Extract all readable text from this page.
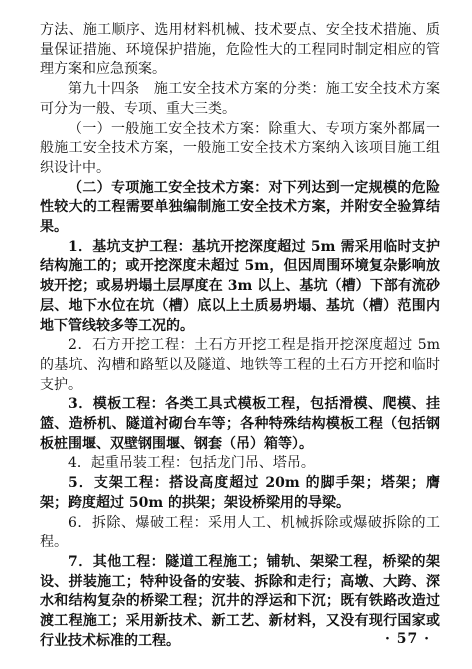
方法、施工顺序、选用材料机械、技术要点、安全技术措施、质量保证措施、环境保护措施，危险性大的工程同时制定相应的管理方案和应急预案。

第九十四条　施工安全技术方案的分类：施工安全技术方案可分为一般、专项、重大三类。

（一）一般施工安全技术方案：除重大、专项方案外都属一般施工安全技术方案，一般施工安全技术方案纳入该项目施工组织设计中。

（二）专项施工安全技术方案：对下列达到一定规模的危险性较大的工程需要单独编制施工安全技术方案，并附安全验算结果。

1．基坑支护工程：基坑开挖深度超过 5m 需采用临时支护结构施工的；或开挖深度未超过 5m，但因周围环境复杂影响放坡开挖；或易坍塌土层厚度在 3m 以上、基坑（槽）下部有流砂层、地下水位在坑（槽）底以上土质易坍塌、基坑（槽）范围内地下管线较多等工况的。

2．石方开挖工程：土石方开挖工程是指开挖深度超过 5m 的基坑、沟槽和路堑以及隧道、地铁等工程的土石方开挖和临时支护。

3．模板工程：各类工具式模板工程，包括滑模、爬模、挂篮、造桥机、隧道衬砌台车等；各种特殊结构模板工程（包括钢板桩围堰、双壁钢围堰、钢套（吊）箱等）。

4．起重吊装工程：包括龙门吊、塔吊。

5．支架工程：搭设高度超过 20m 的脚手架；塔架；膺架；跨度超过 50m 的拱架；架设桥梁用的导梁。

6．拆除、爆破工程：采用人工、机械拆除或爆破拆除的工程。

7．其他工程：隧道工程施工；铺轨、架梁工程，桥梁的架设、拼装施工；特种设备的安装、拆除和走行；高墩、大跨、深水和结构复杂的桥梁工程；沉井的浮运和下沉；既有铁路改造过渡工程施工；采用新技术、新工艺、新材料，又没有现行国家或行业技术标准的工程。	· 57 ·
